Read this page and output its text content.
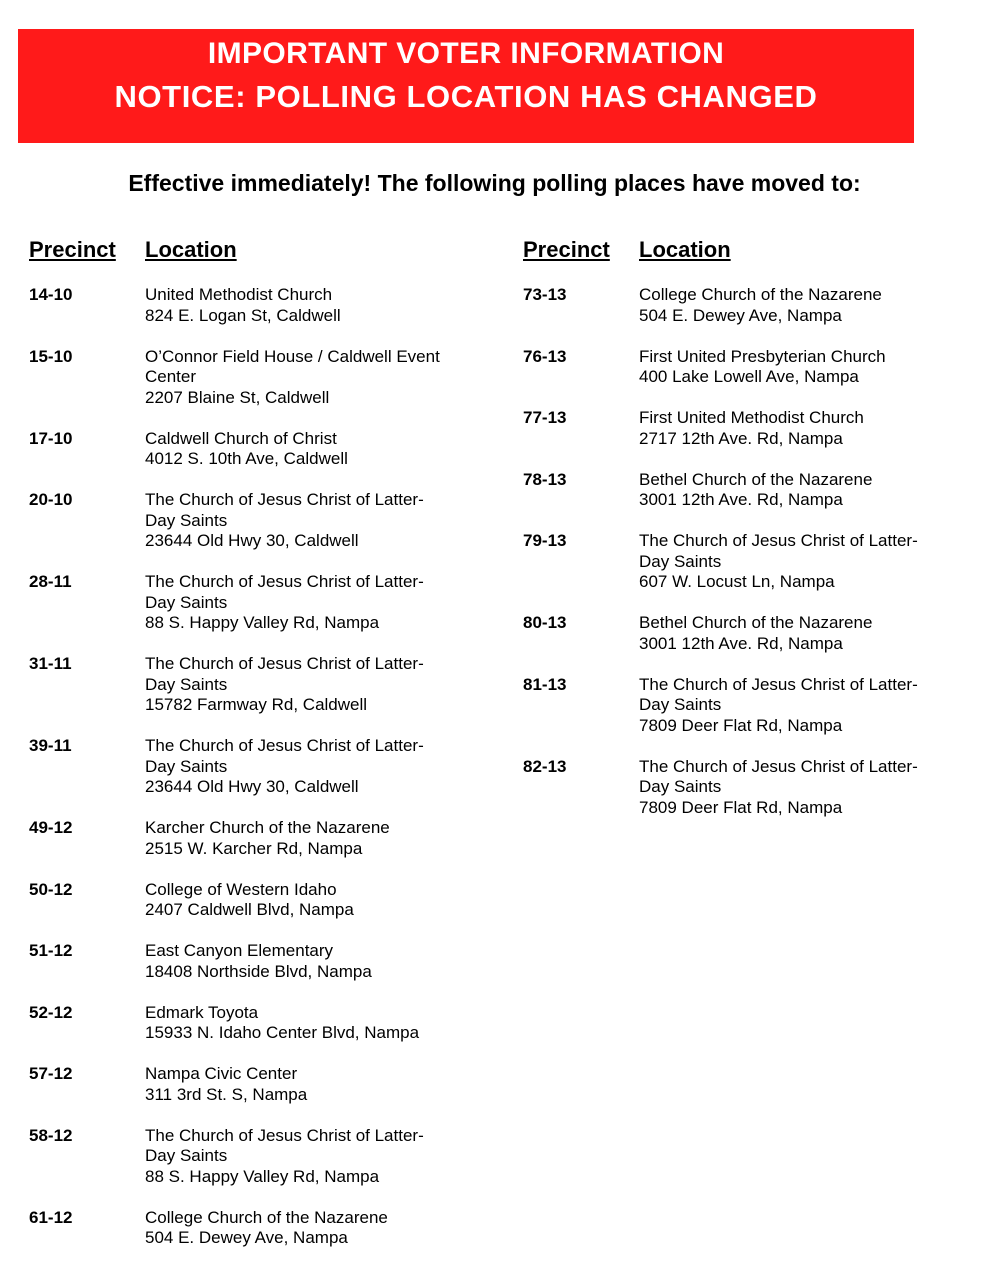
IMPORTANT VOTER INFORMATION
NOTICE: POLLING LOCATION HAS CHANGED
Effective immediately! The following polling places have moved to:
Precinct Location
14-10	United Methodist Church
824 E. Logan St, Caldwell
15-10	O’Connor Field House / Caldwell Event
Center
2207 Blaine St, Caldwell
17-10	Caldwell Church of Christ
4012 S. 10th Ave, Caldwell
20-10	The Church of Jesus Christ of Latter-
Day Saints
23644 Old Hwy 30, Caldwell
28-11	The Church of Jesus Christ of Latter-
Day Saints
88 S. Happy Valley Rd, Nampa
31-11	The Church of Jesus Christ of Latter-
Day Saints
15782 Farmway Rd, Caldwell
39-11	The Church of Jesus Christ of Latter-
Day Saints
23644 Old Hwy 30, Caldwell
49-12	Karcher Church of the Nazarene
2515 W. Karcher Rd, Nampa
50-12	College of Western Idaho
2407 Caldwell Blvd, Nampa
51-12	East Canyon Elementary
18408 Northside Blvd, Nampa
52-12	Edmark Toyota
15933 N. Idaho Center Blvd, Nampa
57-12	Nampa Civic Center
311 3rd St. S, Nampa
58-12	The Church of Jesus Christ of Latter-
Day Saints
88 S. Happy Valley Rd, Nampa
61-12	College Church of the Nazarene
504 E. Dewey Ave, Nampa
Precinct Location
73-13	College Church of the Nazarene
504 E. Dewey Ave, Nampa
76-13	First United Presbyterian Church
400 Lake Lowell Ave, Nampa
77-13	First United Methodist Church
2717 12th Ave. Rd, Nampa
78-13	Bethel Church of the Nazarene
3001 12th Ave. Rd, Nampa
79-13	The Church of Jesus Christ of Latter-
Day Saints
607 W. Locust Ln, Nampa
80-13	Bethel Church of the Nazarene
3001 12th Ave. Rd, Nampa
81-13	The Church of Jesus Christ of Latter-
Day Saints
7809 Deer Flat Rd, Nampa
82-13	The Church of Jesus Christ of Latter-
Day Saints
7809 Deer Flat Rd, Nampa
